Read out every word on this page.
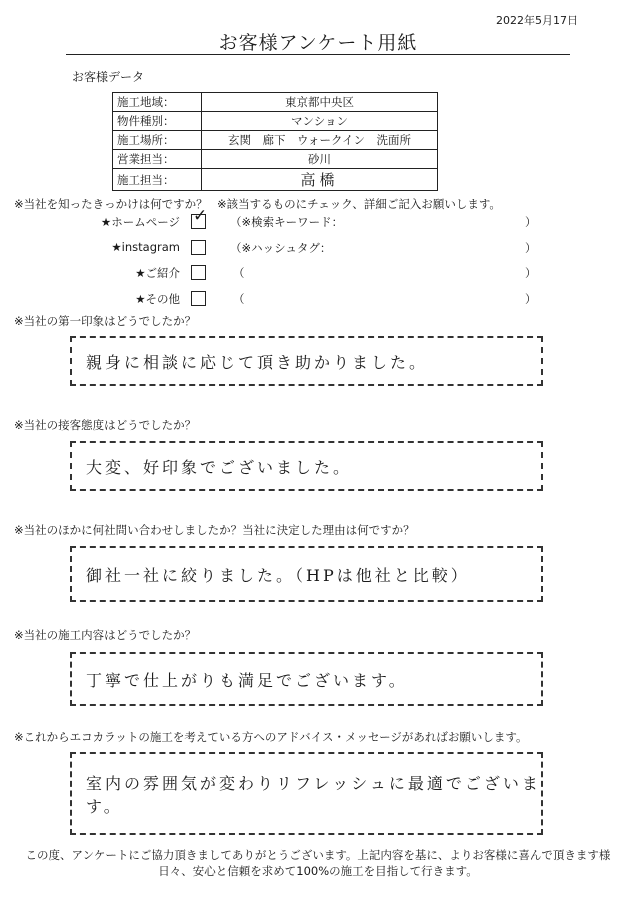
2022年5月17日
お客様アンケート用紙
お客様データ
施工地域：	東京都中央区
物件種別：	マンション
施工場所：	玄関　廊下　ウォークイン　洗面所
営業担当：	砂川
施工担当：	高橋
※当社を知ったきっかけは何ですか？ ※該当するものにチェック、詳細ご記入お願いします。
★ホームページ ✓ （※検索キーワード：	）
★instagram	（※ハッシュタグ：	）
★ご紹介	（	）
★その他	（	）
※当社の第一印象はどうでしたか？
親身に相談に応じて頂き助かりました。
※当社の接客態度はどうでしたか？
大変、好印象でございました。
※当社のほかに何社問い合わせしましたか？当社に決定した理由は何ですか？
御社一社に絞りました。（HPは他社と比較）
※当社の施工内容はどうでしたか？
丁寧で仕上がりも満足でございます。
※これからエコカラットの施工を考えている方へのアドバイス・メッセージがあればお願いします。
室内の雰囲気が変わりリフレッシュに最適でございます。
この度、アンケートにご協力頂きましてありがとうございます。上記内容を基に、よりお客様に喜んで頂きます様
日々、安心と信頼を求めて100%の施工を目指して行きます。
